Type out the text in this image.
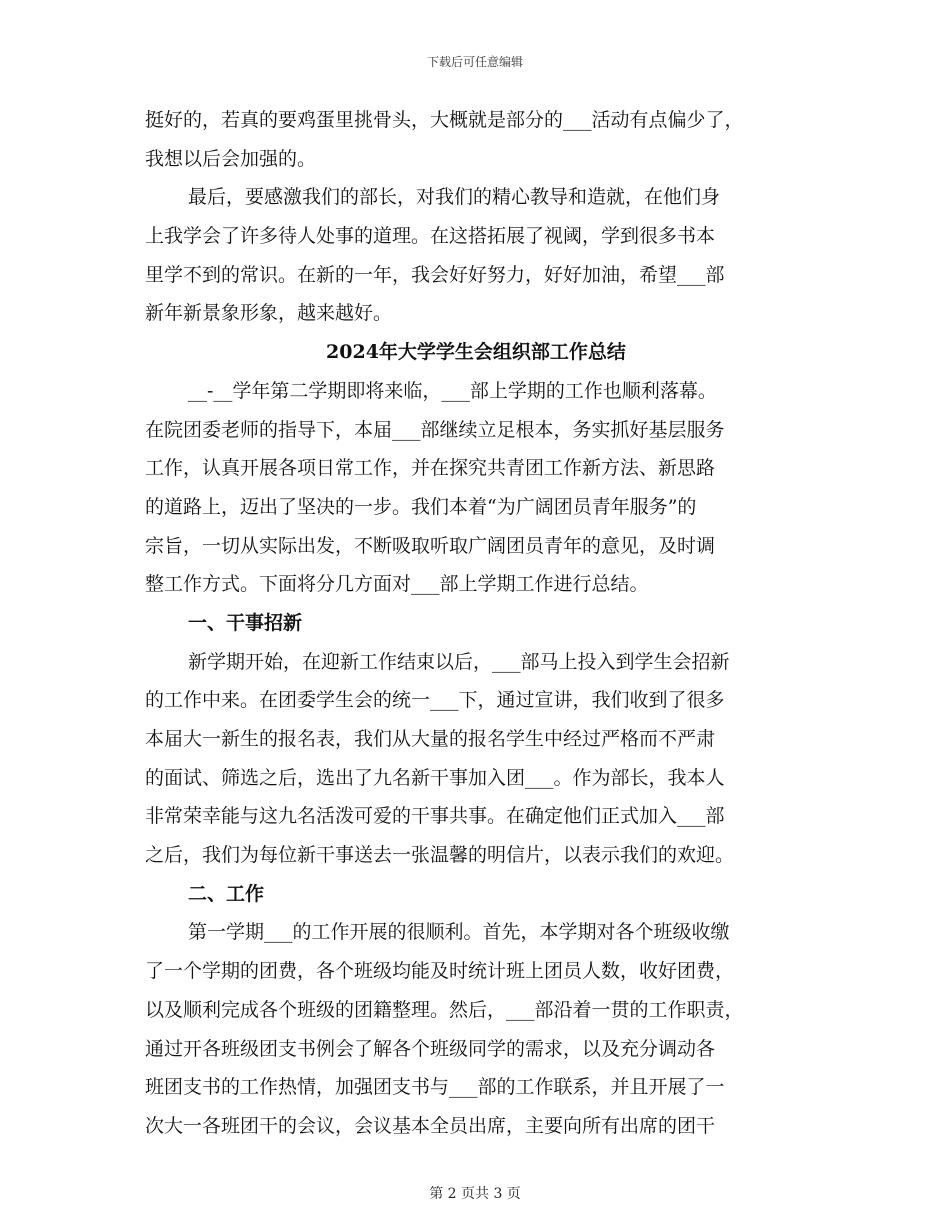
下载后可任意编辑
挺好的，若真的要鸡蛋里挑骨头，大概就是部分的___活动有点偏少了，
我想以后会加强的。
最后，要感激我们的部长，对我们的精心教导和造就，在他们身
上我学会了许多待人处事的道理。在这搭拓展了视阈，学到很多书本
里学不到的常识。在新的一年，我会好好努力，好好加油，希望___部
新年新景象形象，越来越好。
2024年大学学生会组织部工作总结
__-__学年第二学期即将来临，___部上学期的工作也顺利落幕。
在院团委老师的指导下，本届___部继续立足根本，务实抓好基层服务
工作，认真开展各项日常工作，并在探究共青团工作新方法、新思路
的道路上，迈出了坚决的一步。我们本着“为广阔团员青年服务”的
宗旨，一切从实际出发，不断吸取听取广阔团员青年的意见，及时调
整工作方式。下面将分几方面对___部上学期工作进行总结。
一、干事招新
新学期开始，在迎新工作结束以后，___部马上投入到学生会招新
的工作中来。在团委学生会的统一___下，通过宣讲，我们收到了很多
本届大一新生的报名表，我们从大量的报名学生中经过严格而不严肃
的面试、筛选之后，选出了九名新干事加入团___。作为部长，我本人
非常荣幸能与这九名活泼可爱的干事共事。在确定他们正式加入___部
之后，我们为每位新干事送去一张温馨的明信片，以表示我们的欢迎。
二、工作
第一学期___的工作开展的很顺利。首先，本学期对各个班级收缴
了一个学期的团费，各个班级均能及时统计班上团员人数，收好团费，
以及顺利完成各个班级的团籍整理。然后，___部沿着一贯的工作职责，
通过开各班级团支书例会了解各个班级同学的需求，以及充分调动各
班团支书的工作热情，加强团支书与___部的工作联系，并且开展了一
次大一各班团干的会议，会议基本全员出席，主要向所有出席的团干
第 2 页共 3 页
